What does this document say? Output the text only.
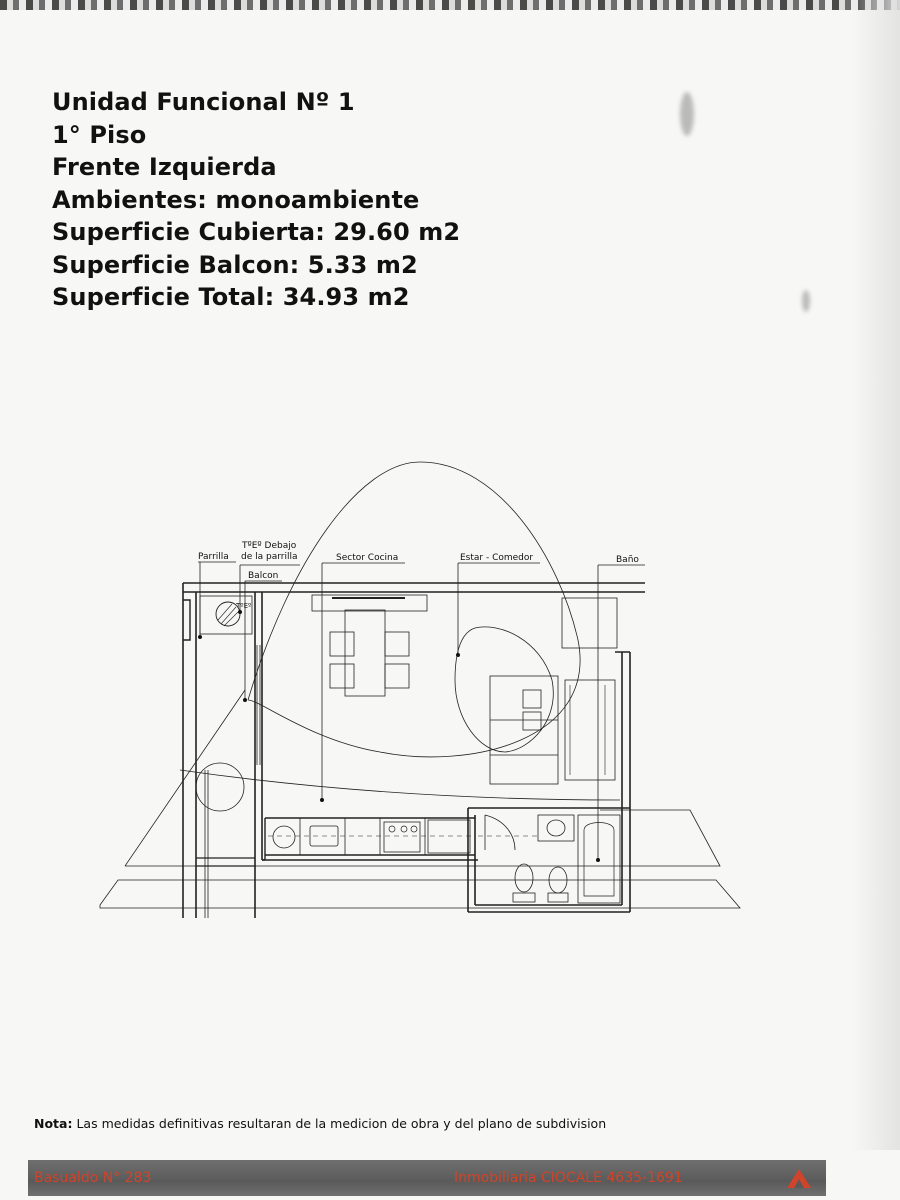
Unidad Funcional Nº 1
1° Piso
Frente Izquierda
Ambientes: monoambiente
Superficie Cubierta: 29.60 m2
Superficie Balcon: 5.33 m2
Superficie Total: 34.93 m2
Parrilla
TºEº Debajo
de la parrilla
Balcon
TºEº
Sector Cocina	Estar - Comedor	Baño
Nota: Las medidas definitivas resultaran de la medicion de obra y del plano de subdivision
Basualdo N° 283	Inmobiliaria CIOCALE 4635-1691
